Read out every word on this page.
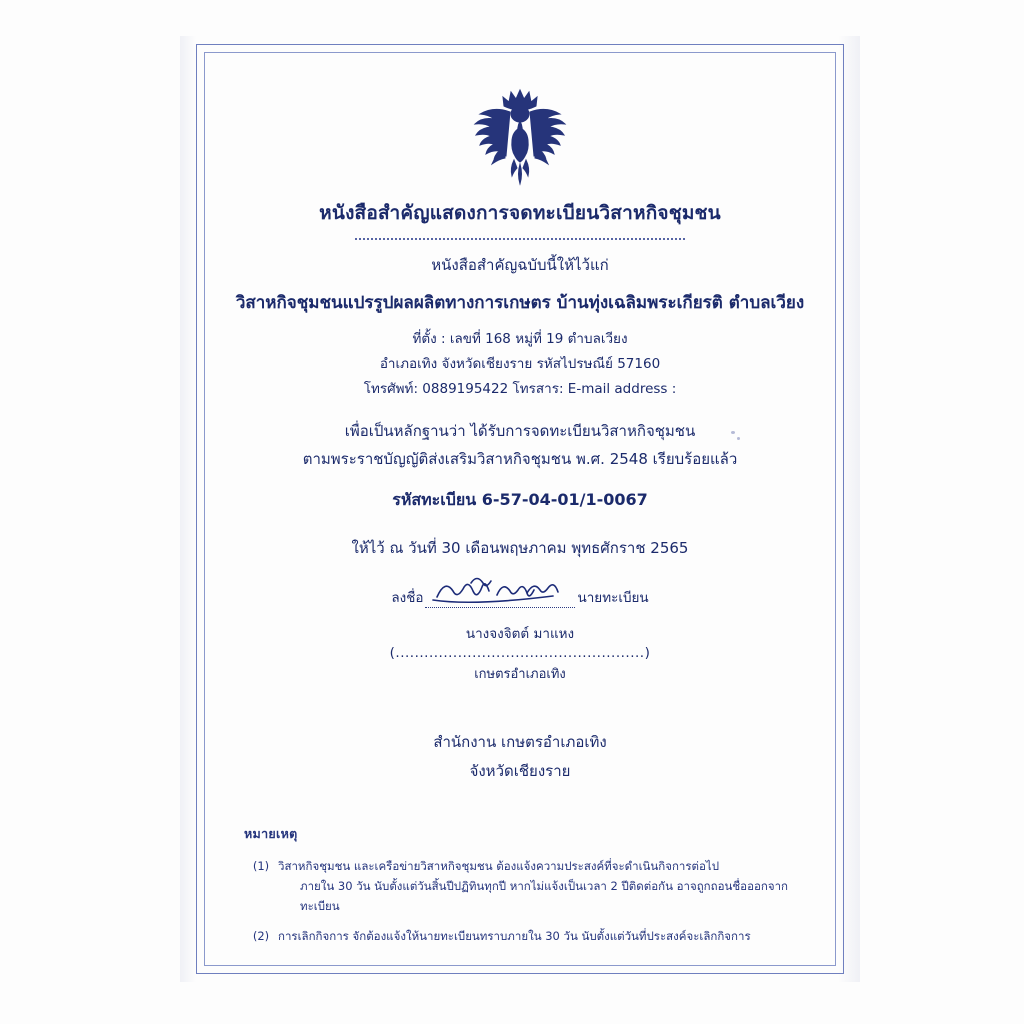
หนังสือสำคัญแสดงการจดทะเบียนวิสาหกิจชุมชน
หนังสือสำคัญฉบับนี้ให้ไว้แก่
วิสาหกิจชุมชนแปรรูปผลผลิตทางการเกษตร บ้านทุ่งเฉลิมพระเกียรติ ตำบลเวียง
ที่ตั้ง : เลขที่ 168 หมู่ที่ 19 ตำบลเวียง
อำเภอเทิง จังหวัดเชียงราย รหัสไปรษณีย์ 57160
โทรศัพท์: 0889195422 โทรสาร: E-mail address :
เพื่อเป็นหลักฐานว่า ได้รับการจดทะเบียนวิสาหกิจชุมชน
ตามพระราชบัญญัติส่งเสริมวิสาหกิจชุมชน พ.ศ. 2548 เรียบร้อยแล้ว
รหัสทะเบียน 6-57-04-01/1-0067
ให้ไว้ ณ วันที่ 30 เดือนพฤษภาคม พุทธศักราช 2565
ลงชื่อ	นายทะเบียน
นางจงจิตต์ มาแหง
(....................................................)
เกษตรอำเภอเทิง
สำนักงาน เกษตรอำเภอเทิง
จังหวัดเชียงราย
หมายเหตุ
(1) วิสาหกิจชุมชน และเครือข่ายวิสาหกิจชุมชน ต้องแจ้งความประสงค์ที่จะดำเนินกิจการต่อไป
ภายใน 30 วัน นับตั้งแต่วันสิ้นปีปฏิทินทุกปี หากไม่แจ้งเป็นเวลา 2 ปีติดต่อกัน อาจถูกถอนชื่อออกจากทะเบียน
(2) การเลิกกิจการ จักต้องแจ้งให้นายทะเบียนทราบภายใน 30 วัน นับตั้งแต่วันที่ประสงค์จะเลิกกิจการ
